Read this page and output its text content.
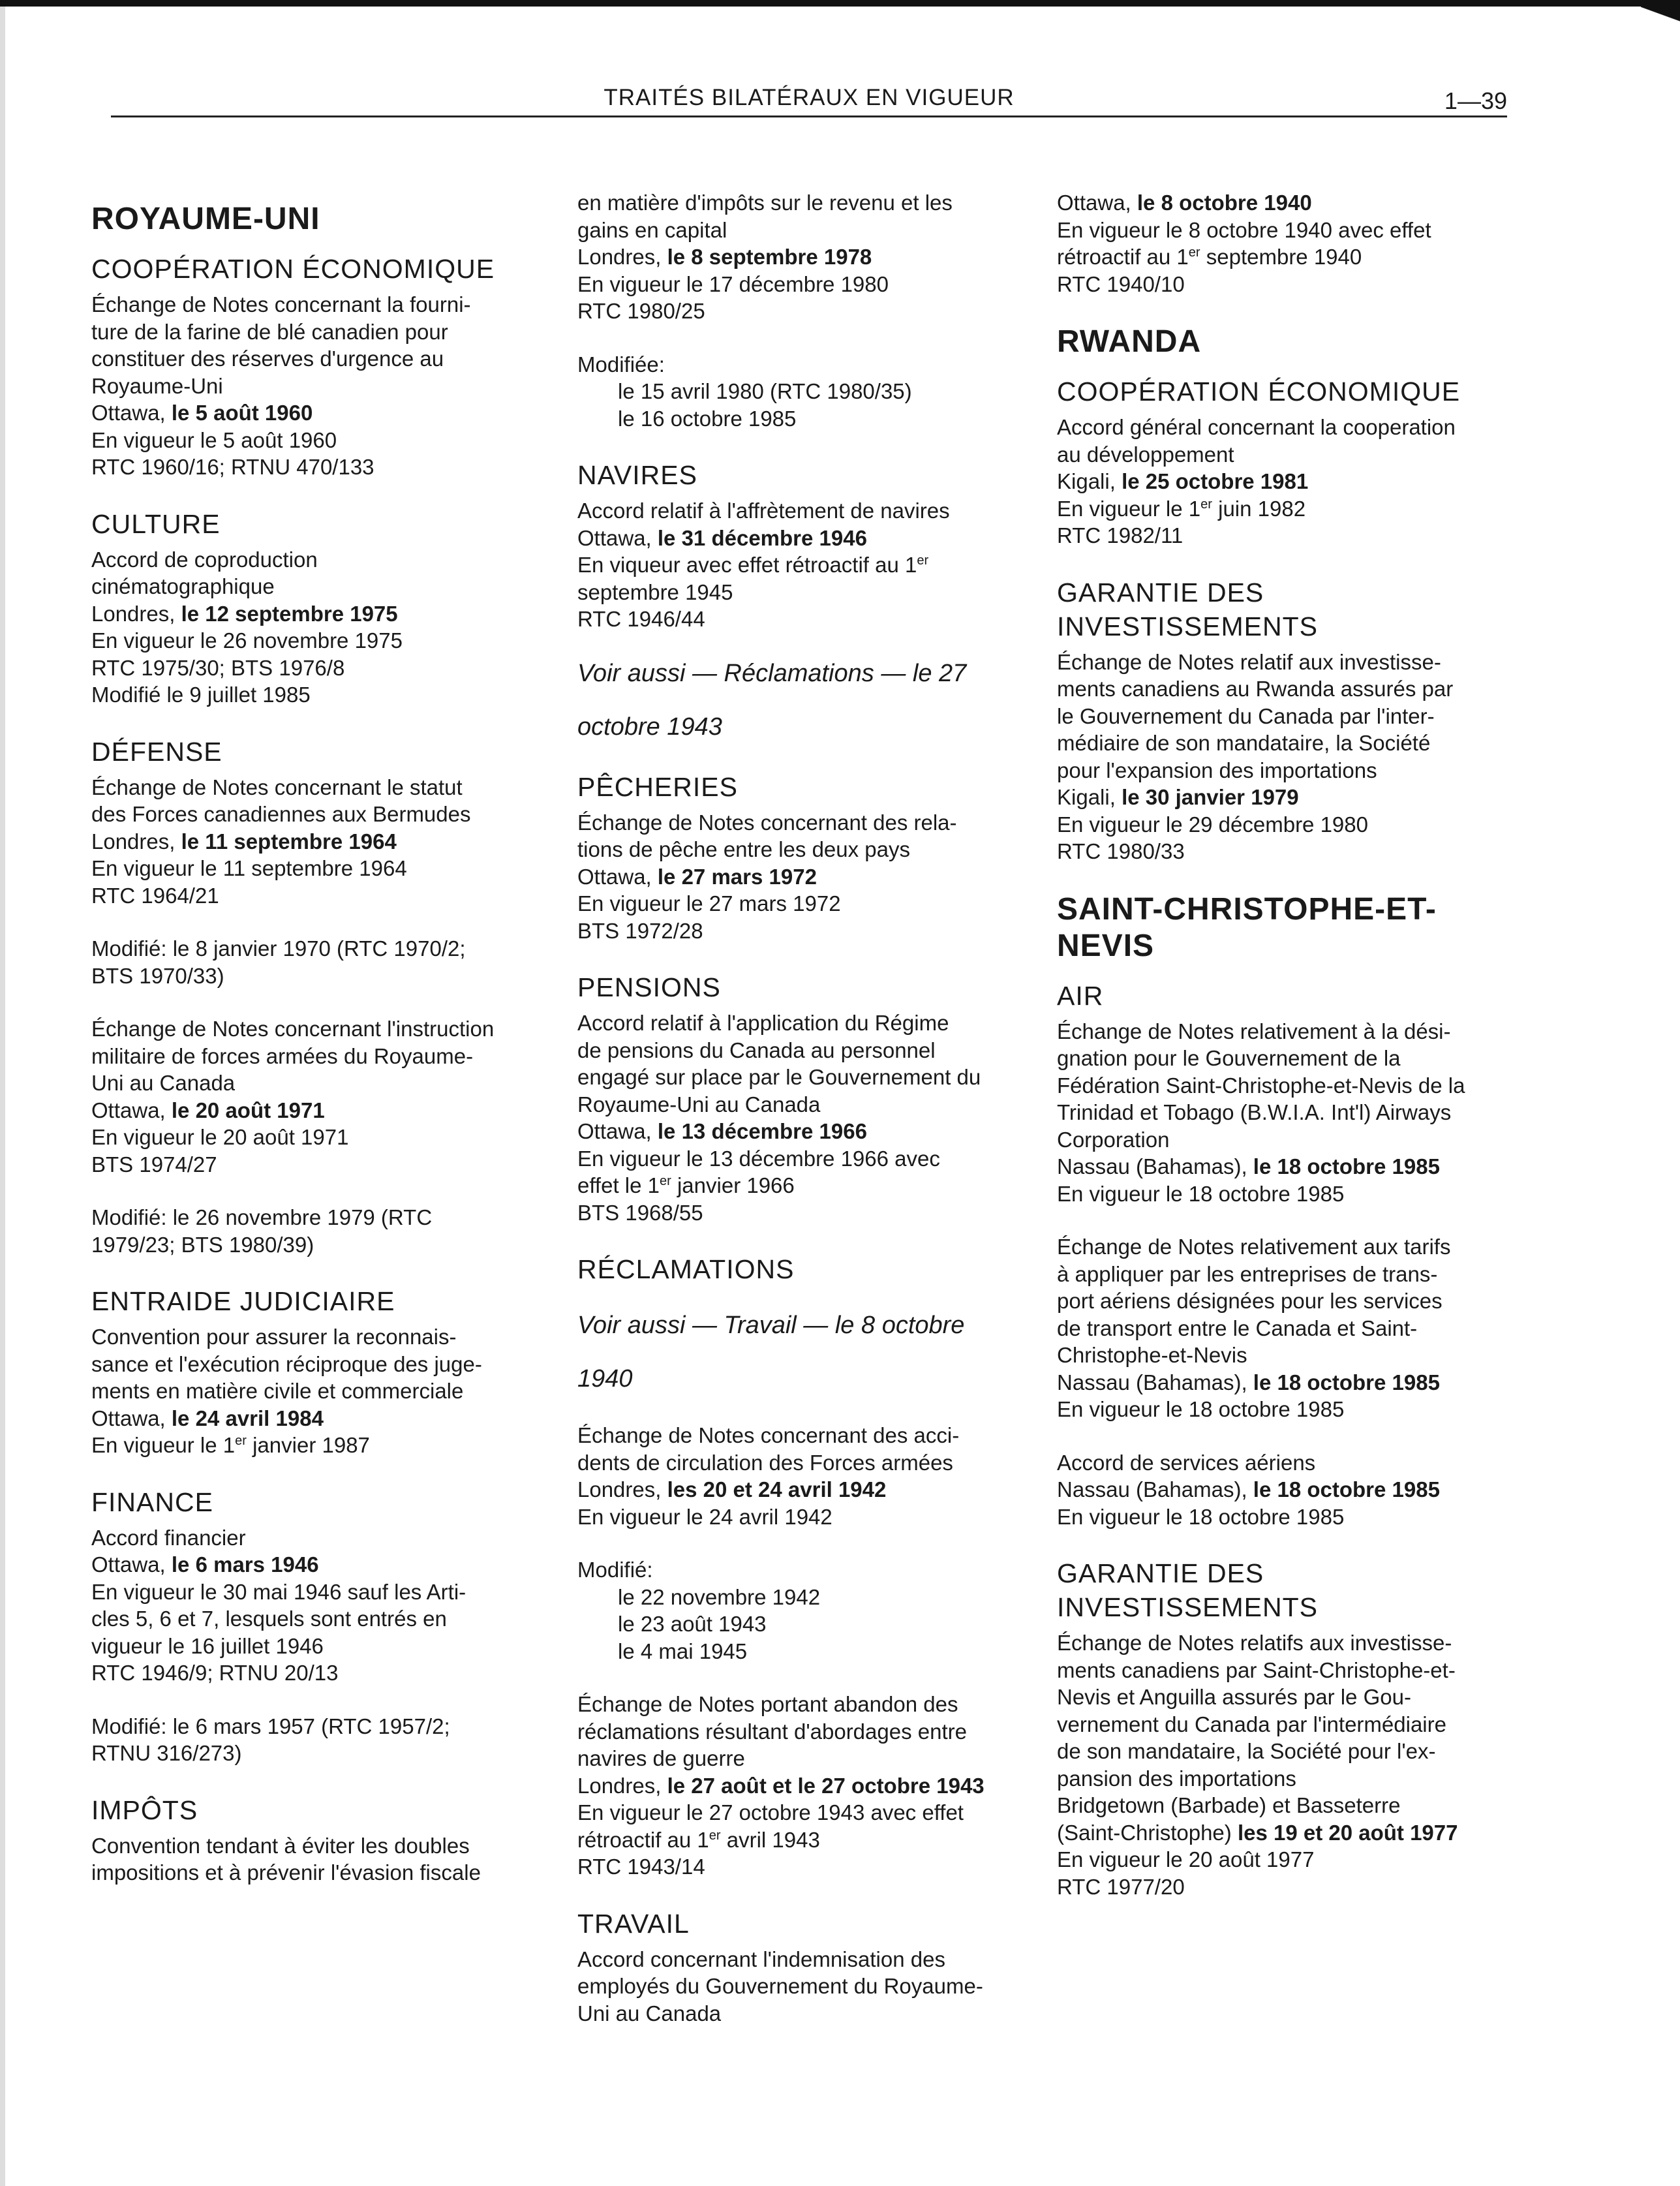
TRAITÉS BILATÉRAUX EN VIGUEUR	1—39
ROYAUME-UNI
COOPÉRATION ÉCONOMIQUE

Échange de Notes concernant la fourni-

ture de la farine de blé canadien pour

constituer des réserves d'urgence au

Royaume-Uni

Ottawa, le 5 août 1960

En vigueur le 5 août 1960

RTC 1960/16; RTNU 470/133

CULTURE

Accord de coproduction

cinématographique

Londres, le 12 septembre 1975

En vigueur le 26 novembre 1975

RTC 1975/30; BTS 1976/8

Modifié le 9 juillet 1985

DÉFENSE

Échange de Notes concernant le statut

des Forces canadiennes aux Bermudes

Londres, le 11 septembre 1964

En vigueur le 11 septembre 1964

RTC 1964/21

Modifié: le 8 janvier 1970 (RTC 1970/2;

BTS 1970/33)

Échange de Notes concernant l'instruction

militaire de forces armées du Royaume-

Uni au Canada

Ottawa, le 20 août 1971

En vigueur le 20 août 1971

BTS 1974/27

Modifié: le 26 novembre 1979 (RTC

1979/23; BTS 1980/39)

ENTRAIDE JUDICIAIRE

Convention pour assurer la reconnais-

sance et l'exécution réciproque des juge-

ments en matière civile et commerciale

Ottawa, le 24 avril 1984

En vigueur le 1er janvier 1987

FINANCE

Accord financier

Ottawa, le 6 mars 1946

En vigueur le 30 mai 1946 sauf les Arti-

cles 5, 6 et 7, lesquels sont entrés en

vigueur le 16 juillet 1946

RTC 1946/9; RTNU 20/13

Modifié: le 6 mars 1957 (RTC 1957/2;

RTNU 316/273)

IMPÔTS

Convention tendant à éviter les doubles

impositions et à prévenir l'évasion fiscale

en matière d'impôts sur le revenu et les

gains en capital

Londres, le 8 septembre 1978

En vigueur le 17 décembre 1980

RTC 1980/25

Modifiée:

le 15 avril 1980 (RTC 1980/35)

le 16 octobre 1985

NAVIRES

Accord relatif à l'affrètement de navires

Ottawa, le 31 décembre 1946

En viqueur avec effet rétroactif au 1er

septembre 1945

RTC 1946/44

Voir aussi — Réclamations — le 27

octobre 1943

PÊCHERIES

Échange de Notes concernant des rela-

tions de pêche entre les deux pays

Ottawa, le 27 mars 1972

En vigueur le 27 mars 1972

BTS 1972/28

PENSIONS

Accord relatif à l'application du Régime

de pensions du Canada au personnel

engagé sur place par le Gouvernement du

Royaume-Uni au Canada

Ottawa, le 13 décembre 1966

En vigueur le 13 décembre 1966 avec

effet le 1er janvier 1966

BTS 1968/55

RÉCLAMATIONS

Voir aussi — Travail — le 8 octobre

1940

Échange de Notes concernant des acci-

dents de circulation des Forces armées

Londres, les 20 et 24 avril 1942

En vigueur le 24 avril 1942

Modifié:

le 22 novembre 1942

le 23 août 1943

le 4 mai 1945

Échange de Notes portant abandon des

réclamations résultant d'abordages entre

navires de guerre

Londres, le 27 août et le 27 octobre 1943

En vigueur le 27 octobre 1943 avec effet

rétroactif au 1er avril 1943

RTC 1943/14

TRAVAIL

Accord concernant l'indemnisation des

employés du Gouvernement du Royaume-

Uni au Canada

Ottawa, le 8 octobre 1940

En vigueur le 8 octobre 1940 avec effet

rétroactif au 1er septembre 1940

RTC 1940/10

RWANDA
COOPÉRATION ÉCONOMIQUE

Accord général concernant la cooperation

au développement

Kigali, le 25 octobre 1981

En vigueur le 1er juin 1982

RTC 1982/11

GARANTIE DES INVESTISSEMENTS

Échange de Notes relatif aux investisse-

ments canadiens au Rwanda assurés par

le Gouvernement du Canada par l'inter-

médiaire de son mandataire, la Société

pour l'expansion des importations

Kigali, le 30 janvier 1979

En vigueur le 29 décembre 1980

RTC 1980/33

SAINT-CHRISTOPHE-ET-NEVIS
AIR

Échange de Notes relativement à la dési-

gnation pour le Gouvernement de la

Fédération Saint-Christophe-et-Nevis de la

Trinidad et Tobago (B.W.I.A. Int'l) Airways

Corporation

Nassau (Bahamas), le 18 octobre 1985

En vigueur le 18 octobre 1985

Échange de Notes relativement aux tarifs

à appliquer par les entreprises de trans-

port aériens désignées pour les services

de transport entre le Canada et Saint-

Christophe-et-Nevis

Nassau (Bahamas), le 18 octobre 1985

En vigueur le 18 octobre 1985

Accord de services aériens

Nassau (Bahamas), le 18 octobre 1985

En vigueur le 18 octobre 1985

GARANTIE DES INVESTISSEMENTS

Échange de Notes relatifs aux investisse-

ments canadiens par Saint-Christophe-et-

Nevis et Anguilla assurés par le Gou-

vernement du Canada par l'intermédiaire

de son mandataire, la Société pour l'ex-

pansion des importations

Bridgetown (Barbade) et Basseterre

(Saint-Christophe) les 19 et 20 août 1977

En vigueur le 20 août 1977

RTC 1977/20
